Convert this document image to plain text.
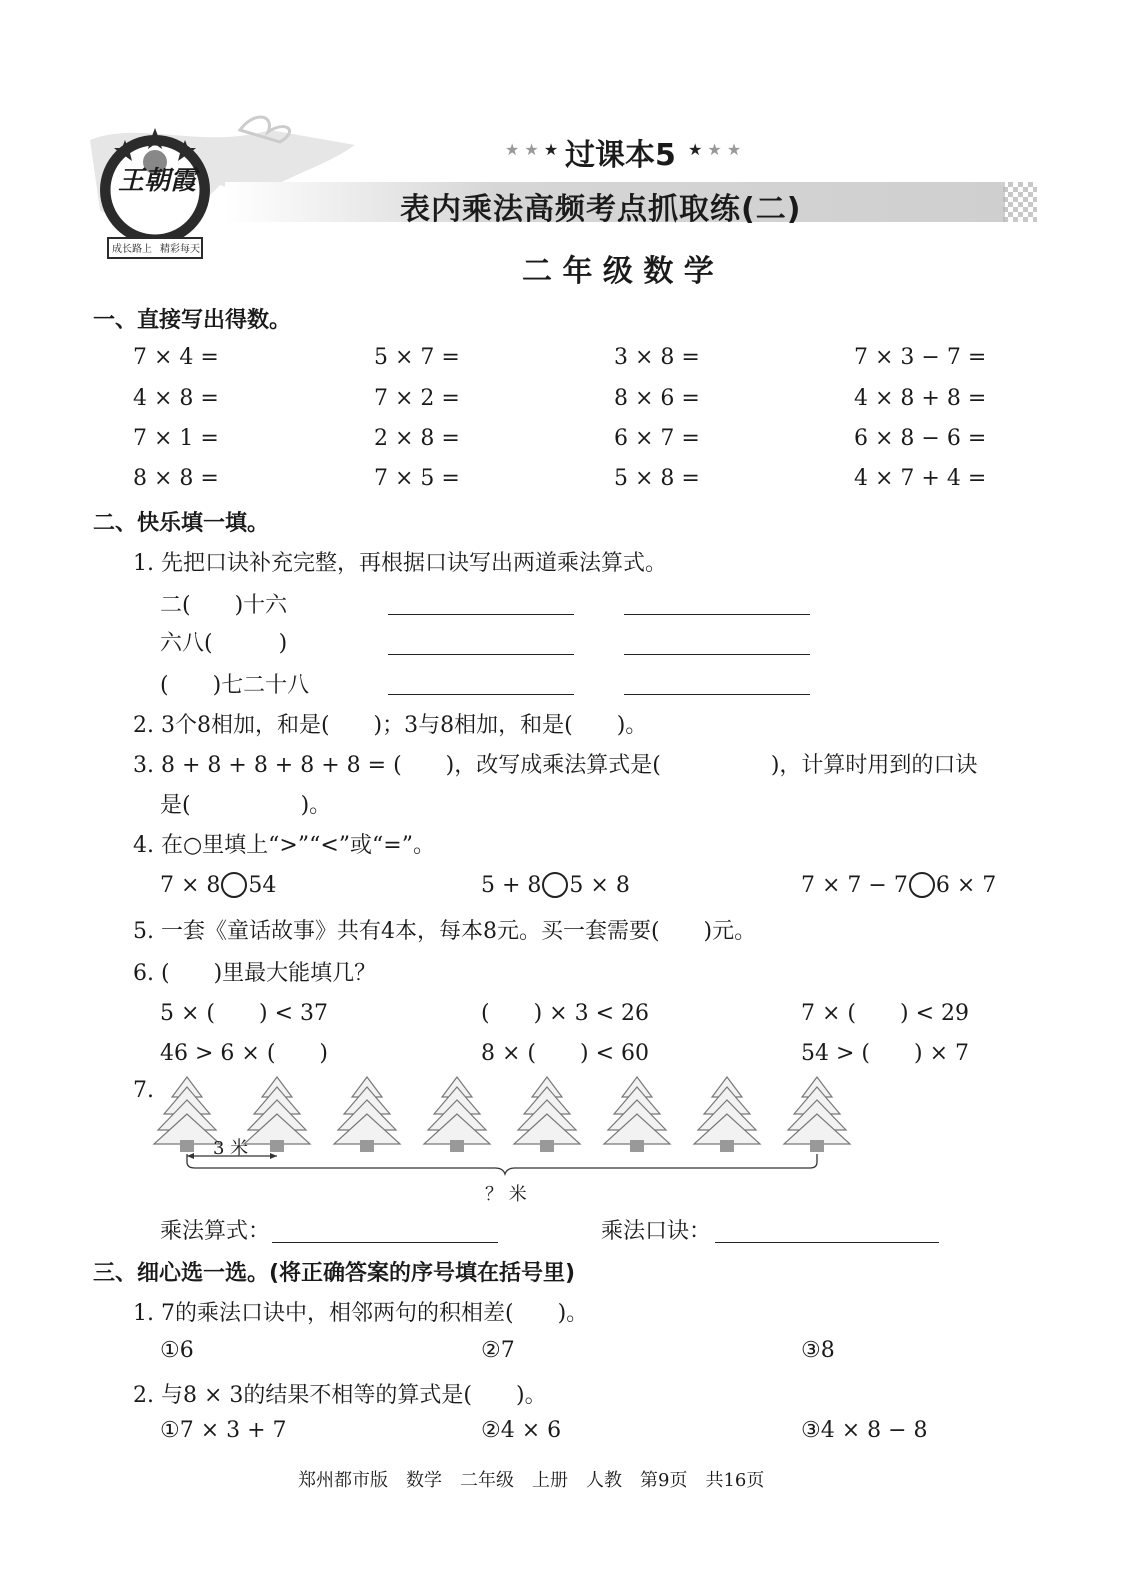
王朝霞
成长路上 精彩每天
★ ★ ★ 过课本5 ★ ★ ★
表内乘法高频考点抓取练(二)
二 年 级 数 学
一、直接写出得数。
7 × 4 =	5 × 7 =	3 × 8 =	7 × 3 − 7 =
4 × 8 =	7 × 2 =	8 × 6 =	4 × 8 + 8 =
7 × 1 =	2 × 8 =	6 × 7 =	6 × 8 − 6 =
8 × 8 =	7 × 5 =	5 × 8 =	4 × 7 + 4 =
二、快乐填一填。
1. 先把口诀补充完整，再根据口诀写出两道乘法算式。
二(　　)十六
六八(　　　)
(　　)七二十八
2. 3个8相加，和是(　　)；3与8相加，和是(　　)。
3. 8 + 8 + 8 + 8 + 8 = (　　)，改写成乘法算式是(　　　　　)，计算时用到的口诀
是(　　　　　)。
4. 在○里填上“>”“<”或“=”。
7 × 8 54	5 + 8 5 × 8	7 × 7 − 7 6 × 7
5. 一套《童话故事》共有4本，每本8元。买一套需要(　　)元。
6. (　　)里最大能填几？
5 × (　　) < 37	(　　) × 3 < 26	7 × (　　) < 29
46 > 6 × (　　)	8 × (　　) < 60	54 > (　　) × 7
7.
3 米
？ 米
乘法算式：	乘法口诀：
三、细心选一选。(将正确答案的序号填在括号里)
1. 7的乘法口诀中，相邻两句的积相差(　　)。
①6	②7	③8
2. 与8 × 3的结果不相等的算式是(　　)。
①7 × 3 + 7	②4 × 6	③4 × 8 − 8
郑州都市版　数学　二年级　上册　人教　第9页　共16页
